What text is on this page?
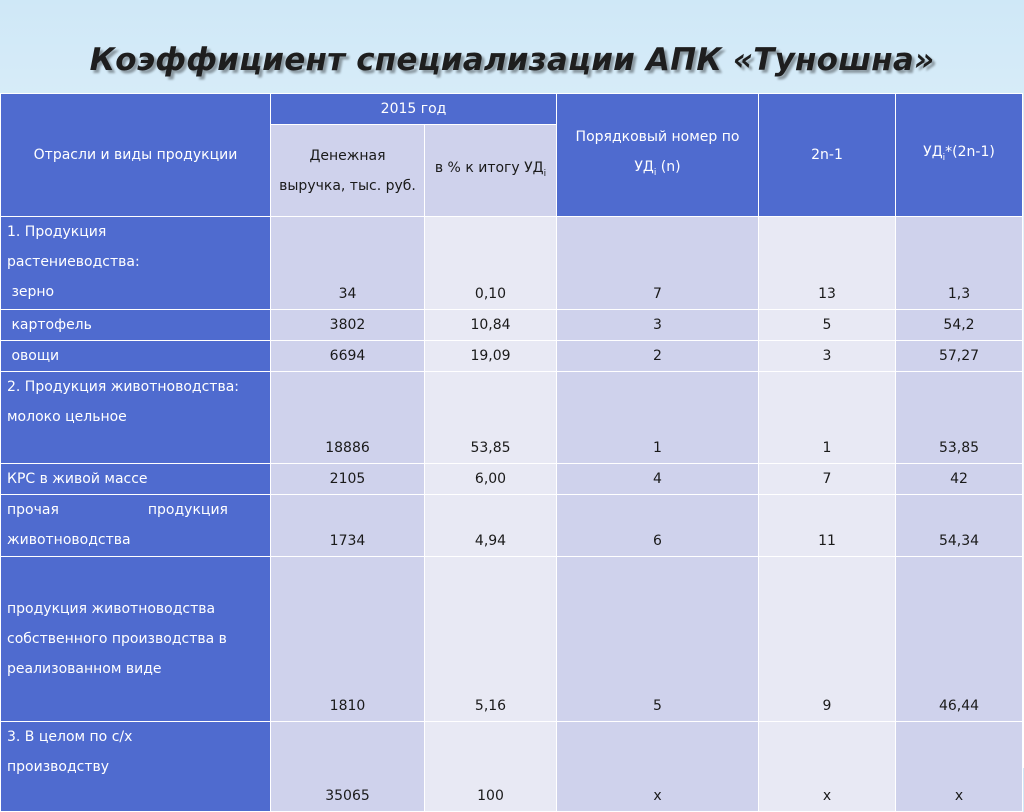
Коэффициент специализации АПК «Туношна»
Отрасли и виды продукции	2015 год		Порядковый номер по $УД_i$ (n)	2n-1	$УД_i*(2n-1)$
	Денежная выручка, тыс. руб.	в % к итогу $УД_i$

1. Продукция
растениеводства:
зерно	34	0,10	7	13	1,3

картофель	3802	10,84	3	5	54,2

овощи	6694	19,09	2	3	57,27

2. Продукция животноводства:
молоко цельное	18886	53,85	1	1	53,85

КРС в живой массе	2105	6,00	4	7	42

прочая                    продукция
животноводства	1734	4,94	6	11	54,34

продукция животноводства
собственного производства в
реализованном виде	1810	5,16	5	9	46,44

3. В целом по с/х
производству	35065	100	х	х	х
